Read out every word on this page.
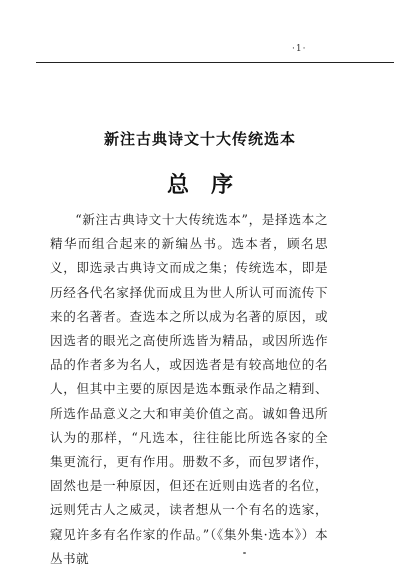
·1·
新注古典诗文十大传统选本
总序

“新注古典诗文十大传统选本”，是择选本之精华而组合起来的新编丛书。选本者，顾名思义，即选录古典诗文而成之集；传统选本，即是历经各代名家择优而成且为世人所认可而流传下来的名著者。查选本之所以成为名著的原因，或因选者的眼光之高使所选皆为精品，或因所选作品的作者多为名人，或因选者是有较高地位的名人，但其中主要的原因是选本甄录作品之精到、所选作品意义之大和审美价值之高。诚如鲁迅所认为的那样，“凡选本，往往能比所选各家的全集更流行，更有作用。册数不多，而包罗诸作，固然也是一种原因，但还在近则由选者的名位，远则凭古人之威灵，读者想从一个有名的选家，窥见许多有名作家的作品。”（《集外集·选本》）本丛书就
